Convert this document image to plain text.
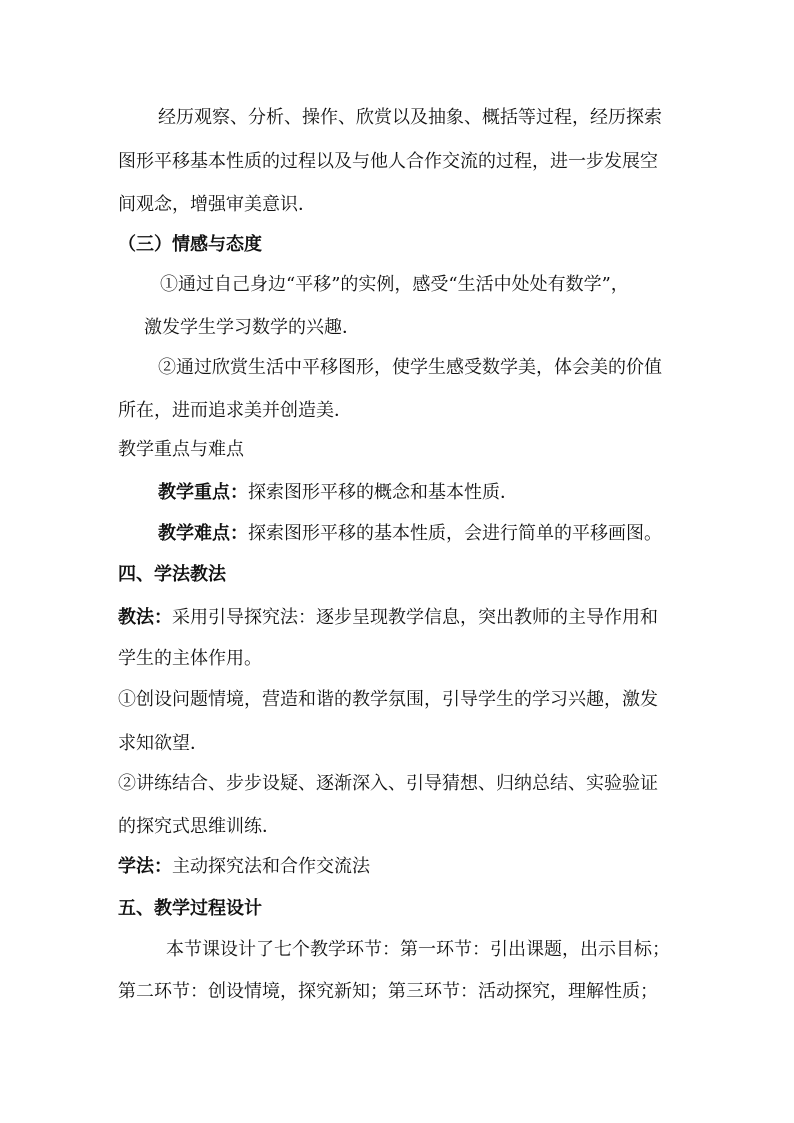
经历观察、分析、操作、欣赏以及抽象、概括等过程，经历探索
图形平移基本性质的过程以及与他人合作交流的过程，进一步发展空
间观念，增强审美意识．
（三）情感与态度
①通过自己身边“平移”的实例，感受“生活中处处有数学”，
激发学生学习数学的兴趣．
②通过欣赏生活中平移图形，使学生感受数学美，体会美的价值
所在，进而追求美并创造美．
教学重点与难点
教学重点：探索图形平移的概念和基本性质．
教学难点：探索图形平移的基本性质，会进行简单的平移画图。
四、学法教法
教法：采用引导探究法：逐步呈现教学信息，突出教师的主导作用和
学生的主体作用。
①创设问题情境，营造和谐的教学氛围，引导学生的学习兴趣，激发
求知欲望．
②讲练结合、步步设疑、逐渐深入、引导猜想、归纳总结、实验验证
的探究式思维训练．
学法：主动探究法和合作交流法
五、教学过程设计
本节课设计了七个教学环节：第一环节：引出课题，出示目标；
第二环节：创设情境，探究新知；第三环节：活动探究，理解性质；
